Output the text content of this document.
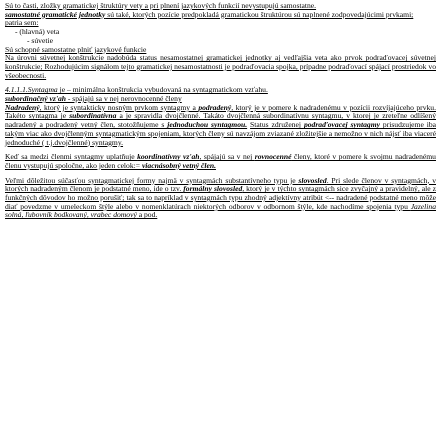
Sú to časti, zložky gramatickej štruktúry vety a pri plnení jazykových funkcií nevystupujú samostatne.
samostatné gramatické jednotky sú také, ktorých pozície predpokladá gramatickou štruktúrou sú naplnené zodpovedajúcimi prvkami;
patria sem:

- (hlavná) veta
- súvetie

Sú schopné samostatne plniť jazykové funkcie

Na úrovni súvetnej konštrukcie nadobúda status nesamostatnej gramatickej jednotky aj vedľajšia veta ako prvok podraďovacej súvetnej konštrukcie; Rozhodujúcim signálom tejto gramatickej nesamostatnosti je podraďovacia spojka, prípadne podraďovací spájací prostriedok vo všeobecnosti.

4.1.1.1.Syntagma je – minimálna konštrukcia vybudovaná na syntagmatickom vzťahu.
subordinačný vz'ah - spájajú sa v nej nerovnocenné členy
Nadradený, ktorý je syntakticky nosným prvkom syntagmy a podradený, ktorý je v pomere k nadradenému v pozícii rozvíjajúceho prvku. Takéto syntagma je subordinatívna a je spravidla dvojčlenné. Takáto dvojčlenná subordinatívnu syntagmu, v ktorej je zreteľne odlíšený nadradený a podradený vetný člen, stotožňujeme s jednoduchou syntagmou. Status združenej podraďovacej syntagmy prisudzujeme iba takým viac ako dvojčlenným syntagmatickým spojeniam, ktorých členy sú navzájom zviazané zložitejšie a nemožno v nich nájsť iba viaceré jednoduché ( t.j.dvojčlenné) syntagmy.

Keď sa medzi členmi syntagmy uplatňuje koordinatívny vz'ah, spájajú sa v nej rovnocenné členy, ktoré v pomere k svojmu nadradenému členu vystupujú spoločne, ako jeden celok:= viacnásobný vetný člen.

Veľmi dôležitou súčasťou syntagmatickej formy najmä v syntagmách substantívneho typu je slovosled. Pri slede členov v syntagmách, v ktorých nadradeným členom je podstatné meno, ide o tzv. formálny slovosled, ktorý je v týchto syntagmách sice zvyčajný a pravidelný, ale z funkčných dôvodov ho možno porušiť; tak sa to napríklad v syntagmách typu zhodný adjektívny atribút <-- nadradené podstatné meno môže diať povedzme v umeleckom štýle alebo v nomenklatúrach niektorých odborov v odbornom štýle, kde nachodíme spojenia typu Jazelina solná, ľubovník bodkovaný, vrabec domový a pod.
